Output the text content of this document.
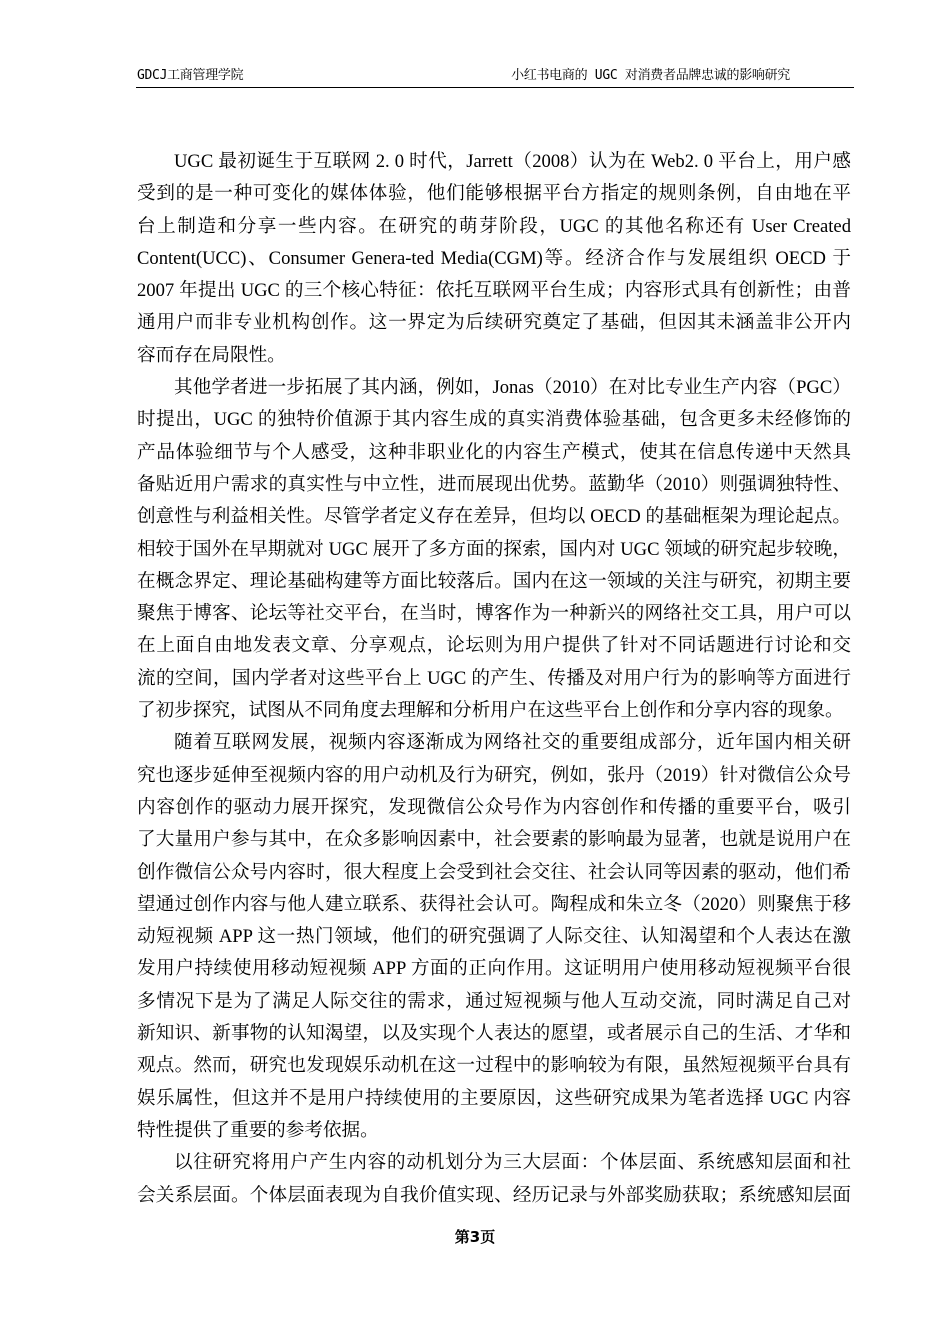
GDCJ工商管理学院	小红书电商的 UGC 对消费者品牌忠诚的影响研究
UGC 最初诞生于互联网 2. 0 时代，Jarrett（2008）认为在 Web2. 0 平台上，用户感
受到的是一种可变化的媒体体验，他们能够根据平台方指定的规则条例，自由地在平
台上制造和分享一些内容。在研究的萌芽阶段，UGC 的其他名称还有 User Created
Content(UCC)、Consumer Genera-ted Media(CGM)等。经济合作与发展组织 OECD 于
2007 年提出 UGC 的三个核心特征：依托互联网平台生成；内容形式具有创新性；由普
通用户而非专业机构创作。这一界定为后续研究奠定了基础，但因其未涵盖非公开内
容而存在局限性。
其他学者进一步拓展了其内涵，例如，Jonas（2010）在对比专业生产内容（PGC）
时提出，UGC 的独特价值源于其内容生成的真实消费体验基础，包含更多未经修饰的
产品体验细节与个人感受，这种非职业化的内容生产模式，使其在信息传递中天然具
备贴近用户需求的真实性与中立性，进而展现出优势。蓝勤华（2010）则强调独特性、
创意性与利益相关性。尽管学者定义存在差异，但均以 OECD 的基础框架为理论起点。
相较于国外在早期就对 UGC 展开了多方面的探索，国内对 UGC 领域的研究起步较晚，
在概念界定、理论基础构建等方面比较落后。国内在这一领域的关注与研究，初期主要
聚焦于博客、论坛等社交平台，在当时，博客作为一种新兴的网络社交工具，用户可以
在上面自由地发表文章、分享观点，论坛则为用户提供了针对不同话题进行讨论和交
流的空间，国内学者对这些平台上 UGC 的产生、传播及对用户行为的影响等方面进行
了初步探究，试图从不同角度去理解和分析用户在这些平台上创作和分享内容的现象。
随着互联网发展，视频内容逐渐成为网络社交的重要组成部分，近年国内相关研
究也逐步延伸至视频内容的用户动机及行为研究，例如，张丹（2019）针对微信公众号
内容创作的驱动力展开探究，发现微信公众号作为内容创作和传播的重要平台，吸引
了大量用户参与其中，在众多影响因素中，社会要素的影响最为显著，也就是说用户在
创作微信公众号内容时，很大程度上会受到社会交往、社会认同等因素的驱动，他们希
望通过创作内容与他人建立联系、获得社会认可。陶程成和朱立冬（2020）则聚焦于移
动短视频 APP 这一热门领域，他们的研究强调了人际交往、认知渴望和个人表达在激
发用户持续使用移动短视频 APP 方面的正向作用。这证明用户使用移动短视频平台很
多情况下是为了满足人际交往的需求，通过短视频与他人互动交流，同时满足自己对
新知识、新事物的认知渴望，以及实现个人表达的愿望，或者展示自己的生活、才华和
观点。然而，研究也发现娱乐动机在这一过程中的影响较为有限，虽然短视频平台具有
娱乐属性，但这并不是用户持续使用的主要原因，这些研究成果为笔者选择 UGC 内容
特性提供了重要的参考依据。
以往研究将用户产生内容的动机划分为三大层面：个体层面、系统感知层面和社
会关系层面。个体层面表现为自我价值实现、经历记录与外部奖励获取；系统感知层面
第3页
